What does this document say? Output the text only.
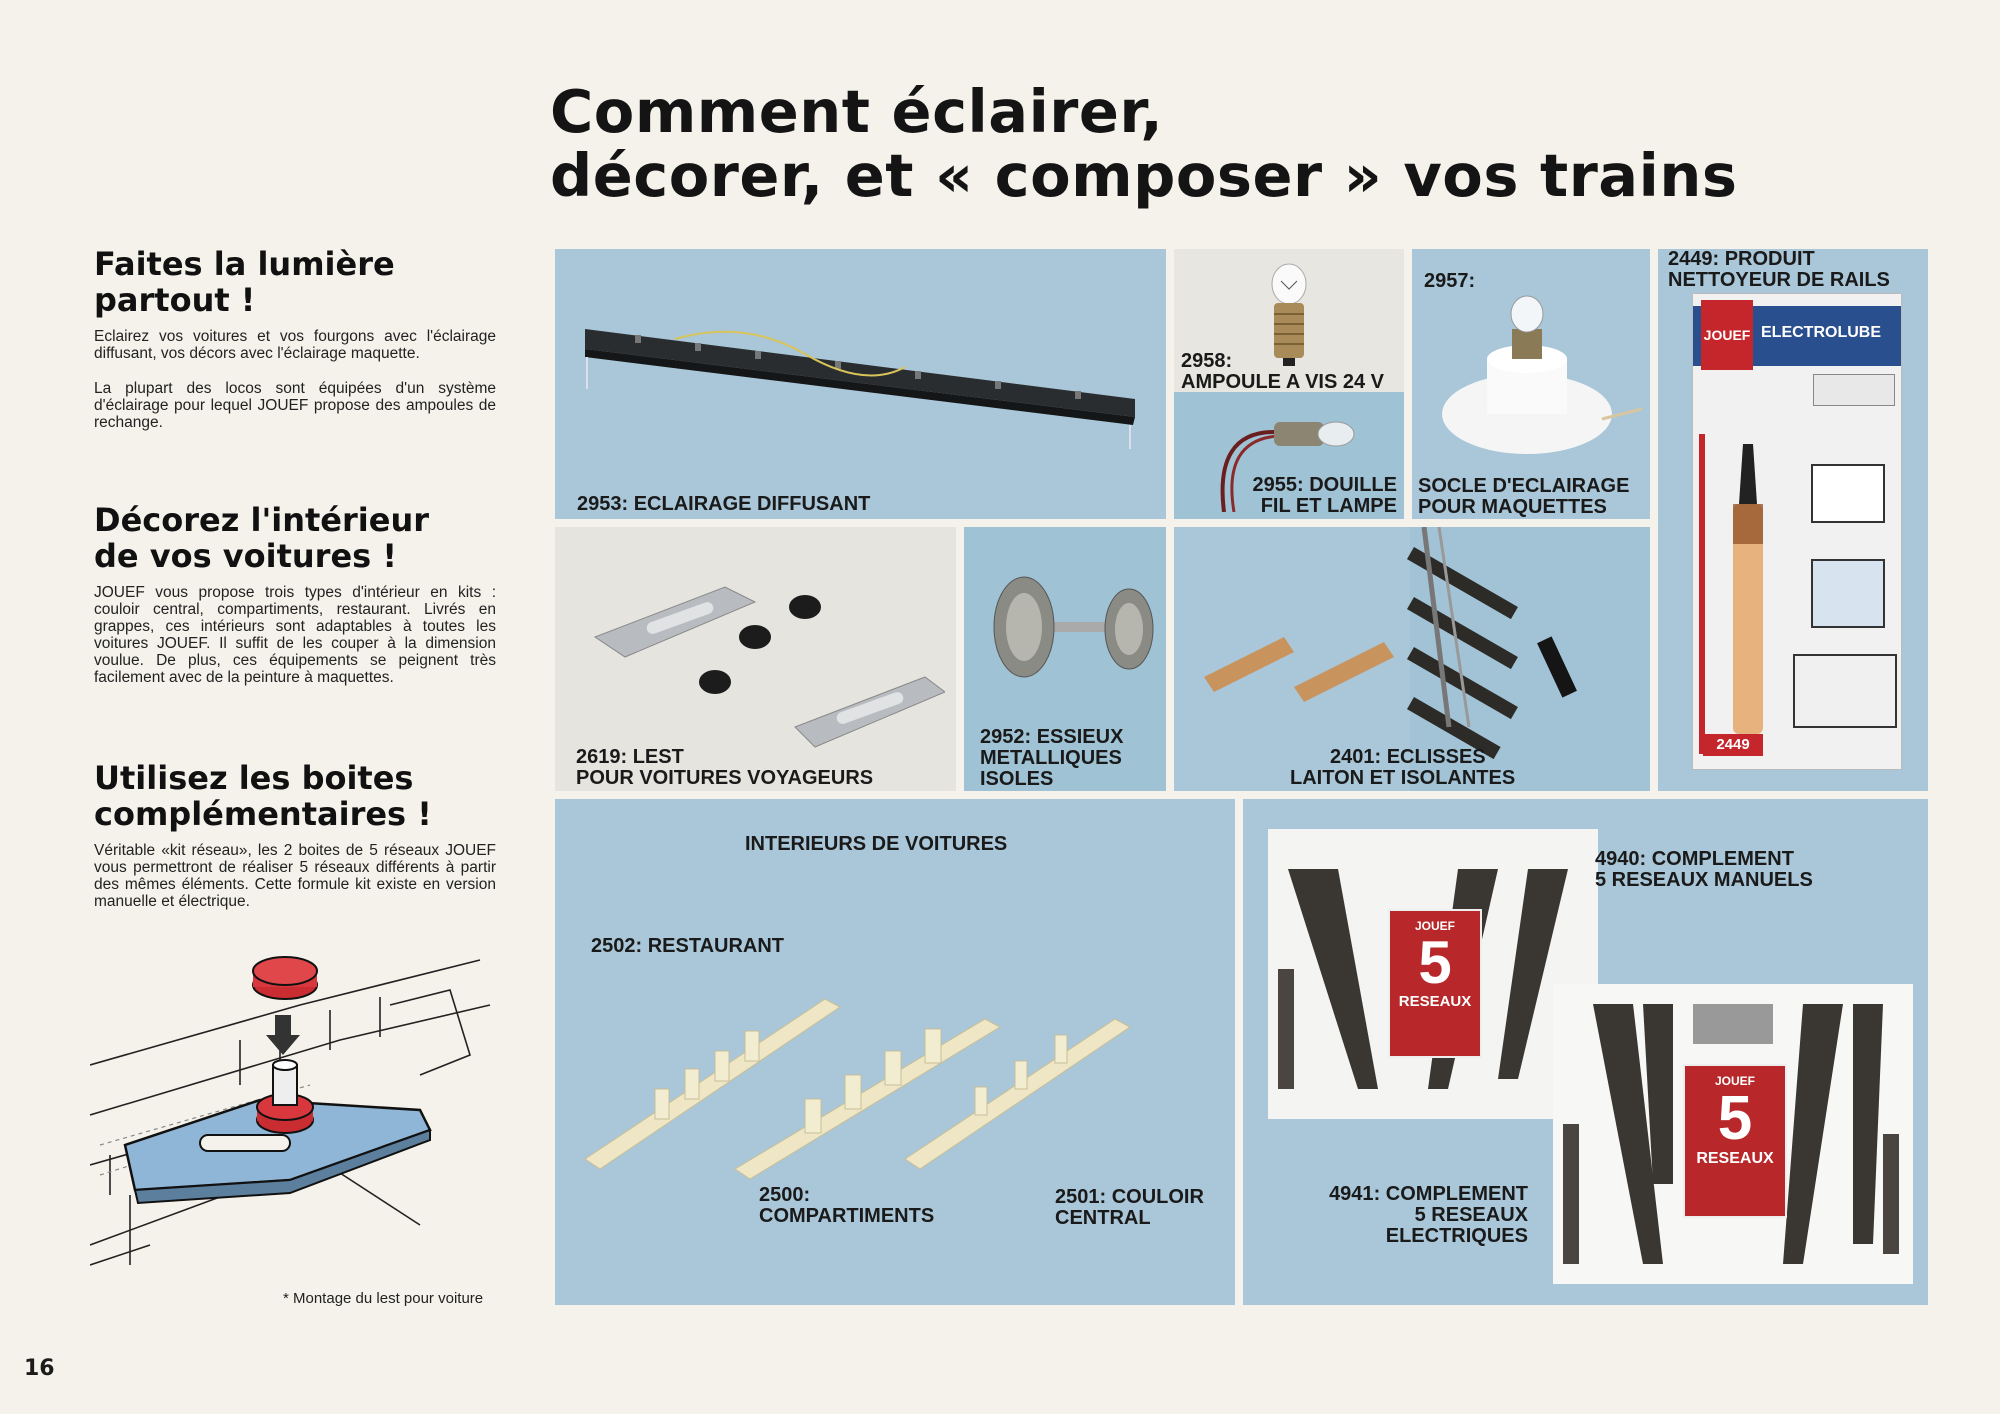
Comment éclairer,
décorer, et « composer » vos trains
Faites la lumière
partout !
Eclairez vos voitures et vos fourgons avec l'éclairage diffusant, vos décors avec l'éclairage maquette.
La plupart des locos sont équipées d'un système d'éclairage pour lequel JOUEF propose des ampoules de rechange.
Décorez l'intérieur
de vos voitures !
JOUEF vous propose trois types d'intérieur en kits : couloir central, compartiments, restaurant. Livrés en grappes, ces intérieurs sont adaptables à toutes les voitures JOUEF. Il suffit de les couper à la dimension voulue. De plus, ces équipements se peignent très facilement avec de la peinture à maquettes.
Utilisez les boites
complémentaires !
Véritable «kit réseau», les 2 boites de 5 réseaux JOUEF vous permettront de réaliser 5 réseaux différents à partir des mêmes éléments. Cette formule kit existe en version manuelle et électrique.
* Montage du lest pour voiture
16
2953: ECLAIRAGE DIFFUSANT
2958:
AMPOULE A VIS 24 V
2955: DOUILLE
FIL ET LAMPE
2957:
SOCLE D'ECLAIRAGE
POUR MAQUETTES
2449: PRODUIT
NETTOYEUR DE RAILS
JOUEF ELECTROLUBE
2449
2619: LEST
POUR VOITURES VOYAGEURS
2952: ESSIEUX
METALLIQUES
ISOLES
2401: ECLISSES
LAITON ET ISOLANTES
INTERIEURS DE VOITURES
2502: RESTAURANT
2500:
COMPARTIMENTS
2501: COULOIR
CENTRAL
JOUEF
5
RESEAUX
JOUEF
5
RESEAUX
4940: COMPLEMENT
5 RESEAUX MANUELS
4941: COMPLEMENT
5 RESEAUX
ELECTRIQUES
